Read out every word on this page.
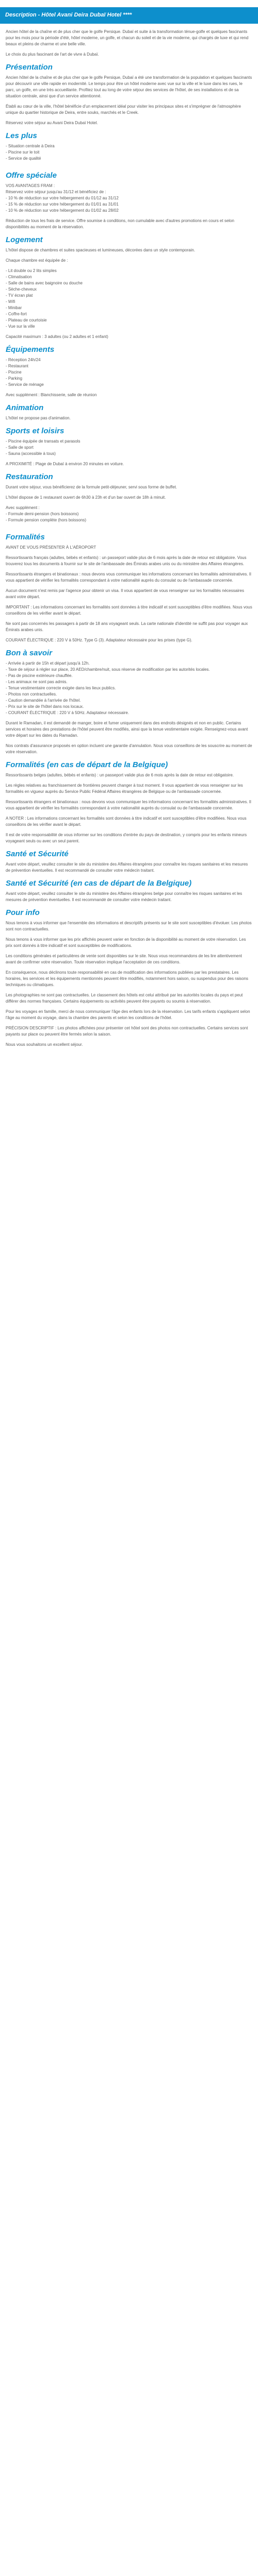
Description - Hôtel Avani Deira Dubaï Hotel ****

Ancien hôtel de la chaîne et de plus cher que le golfe Persique. Dubaï et suite à la transformation ténue-golfe et quelques fascinants pour les mois pour la période d'été, hôtel moderne, un golfe, et chacun du soleil et de la vie moderne, qui chargés de luxe et qui rend beaux et pleins de charme et une belle ville.

Le choix du plus fascinant de l'art de vivre à Dubaï.

Présentation

Ancien hôtel de la chaîne et de plus cher que le golfe Persique, Dubaï a été une transformation de la population et quelques fascinants pour découvrir une ville rapide en modernité. Le temps pour être un hôtel moderne avec vue sur la ville et le luxe dans les rues, le parc, un golfe, en une très accueillante. Profitez tout au long de votre séjour des services de l'hôtel, de ses installations et de sa situation centrale, ainsi que d'un service attentionné.

Établi au cœur de la ville, l'hôtel bénéficie d'un emplacement idéal pour visiter les principaux sites et s'imprégner de l'atmosphère unique du quartier historique de Deira, entre souks, marchés et le Creek.

Réservez votre séjour au Avani Deira Dubaï Hotel.

Les plus
- Situation centrale à Deira
- Piscine sur le toit
- Service de qualité
Offre spéciale
VOS AVANTAGES FRAM :
Réservez votre séjour jusqu'au 31/12 et bénéficiez de :
- 10 % de réduction sur votre hébergement du 01/12 au 31/12
- 15 % de réduction sur votre hébergement du 01/01 au 31/01
- 10 % de réduction sur votre hébergement du 01/02 au 28/02

Réduction de tous les frais de service. Offre soumise à conditions, non cumulable avec d'autres promotions en cours et selon disponibilités au moment de la réservation.

Logement

L'hôtel dispose de chambres et suites spacieuses et lumineuses, décorées dans un style contemporain.

Chaque chambre est équipée de :

- Lit double ou 2 lits simples
- Climatisation
- Salle de bains avec baignoire ou douche
- Sèche-cheveux
- TV écran plat
- Wifi
- Minibar
- Coffre-fort
- Plateau de courtoisie
- Vue sur la ville

Capacité maximum : 3 adultes (ou 2 adultes et 1 enfant)

Équipements
- Réception 24h/24
- Restaurant
- Piscine
- Parking
- Service de ménage

Avec supplément : Blanchisserie, salle de réunion

Animation

L'hôtel ne propose pas d'animation.

Sports et loisirs
- Piscine équipée de transats et parasols
- Salle de sport
- Sauna (accessible à tous)

A PROXIMITÉ : Plage de Dubaï à environ 20 minutes en voiture.

Restauration

Durant votre séjour, vous bénéficierez de la formule petit-déjeuner, servi sous forme de buffet.

L'hôtel dispose de 1 restaurant ouvert de 6h30 à 23h et d'un bar ouvert de 18h à minuit.

Avec supplément :
- Formule demi-pension (hors boissons)
- Formule pension complète (hors boissons)
Formalités

AVANT DE VOUS PRÉSENTER À L'AÉROPORT

Ressortissants français (adultes, bébés et enfants) : un passeport valide plus de 6 mois après la date de retour est obligatoire. Vous trouverez tous les documents à fournir sur le site de l'ambassade des Émirats arabes unis ou du ministère des Affaires étrangères.

Ressortissants étrangers et binationaux : nous devons vous communiquer les informations concernant les formalités administratives. Il vous appartient de vérifier les formalités correspondant à votre nationalité auprès du consulat ou de l'ambassade concernée.

Aucun document n'est remis par l'agence pour obtenir un visa. Il vous appartient de vous renseigner sur les formalités nécessaires avant votre départ.

IMPORTANT : Les informations concernant les formalités sont données à titre indicatif et sont susceptibles d'être modifiées. Nous vous conseillons de les vérifier avant le départ.

Ne sont pas concernés les passagers à partir de 18 ans voyageant seuls. La carte nationale d'identité ne suffit pas pour voyager aux Émirats arabes unis.

COURANT ÉLECTRIQUE : 220 V à 50Hz. Type G (3). Adaptateur nécessaire pour les prises (type G).

Bon à savoir
- Arrivée à partir de 15h et départ jusqu'à 12h.
- Taxe de séjour à régler sur place, 20 AED/chambre/nuit, sous réserve de modification par les autorités locales.
- Pas de piscine extérieure chauffée.
- Les animaux ne sont pas admis.
- Tenue vestimentaire correcte exigée dans les lieux publics.
- Photos non contractuelles.
- Caution demandée à l'arrivée de l'hôtel.
- Prix sur le site de l'hôtel dans nos locaux.
- COURANT ÉLECTRIQUE : 220 V à 50Hz. Adaptateur nécessaire.

Durant le Ramadan, il est demandé de manger, boire et fumer uniquement dans des endroits désignés et non en public. Certains services et horaires des prestations de l'hôtel peuvent être modifiés, ainsi que la tenue vestimentaire exigée. Renseignez-vous avant votre départ sur les dates du Ramadan.

Nos contrats d'assurance proposés en option incluent une garantie d'annulation. Nous vous conseillons de les souscrire au moment de votre réservation.

Formalités (en cas de départ de la Belgique)

Ressortissants belges (adultes, bébés et enfants) : un passeport valide plus de 6 mois après la date de retour est obligatoire.

Les règles relatives au franchissement de frontières peuvent changer à tout moment. Il vous appartient de vous renseigner sur les formalités en vigueur auprès du Service Public Fédéral Affaires étrangères de Belgique ou de l'ambassade concernée.

Ressortissants étrangers et binationaux : nous devons vous communiquer les informations concernant les formalités administratives. Il vous appartient de vérifier les formalités correspondant à votre nationalité auprès du consulat ou de l'ambassade concernée.

A NOTER : Les informations concernant les formalités sont données à titre indicatif et sont susceptibles d'être modifiées. Nous vous conseillons de les vérifier avant le départ.

Il est de votre responsabilité de vous informer sur les conditions d'entrée du pays de destination, y compris pour les enfants mineurs voyageant seuls ou avec un seul parent.

Santé et Sécurité

Avant votre départ, veuillez consulter le site du ministère des Affaires étrangères pour connaître les risques sanitaires et les mesures de prévention éventuelles. Il est recommandé de consulter votre médecin traitant.

Santé et Sécurité (en cas de départ de la Belgique)

Avant votre départ, veuillez consulter le site du ministère des Affaires étrangères belge pour connaître les risques sanitaires et les mesures de prévention éventuelles. Il est recommandé de consulter votre médecin traitant.

Pour info

Nous tenons à vous informer que l'ensemble des informations et descriptifs présents sur le site sont susceptibles d'évoluer. Les photos sont non contractuelles.

Nous tenons à vous informer que les prix affichés peuvent varier en fonction de la disponibilité au moment de votre réservation. Les prix sont donnés à titre indicatif et sont susceptibles de modifications.

Les conditions générales et particulières de vente sont disponibles sur le site. Nous vous recommandons de les lire attentivement avant de confirmer votre réservation. Toute réservation implique l'acceptation de ces conditions.

En conséquence, nous déclinons toute responsabilité en cas de modification des informations publiées par les prestataires. Les horaires, les services et les équipements mentionnés peuvent être modifiés, notamment hors saison, ou suspendus pour des raisons techniques ou climatiques.

Les photographies ne sont pas contractuelles. Le classement des hôtels est celui attribué par les autorités locales du pays et peut différer des normes françaises. Certains équipements ou activités peuvent être payants ou soumis à réservation.

Pour les voyages en famille, merci de nous communiquer l'âge des enfants lors de la réservation. Les tarifs enfants s'appliquent selon l'âge au moment du voyage, dans la chambre des parents et selon les conditions de l'hôtel.

PRÉCISION DESCRIPTIF : Les photos affichées pour présenter cet hôtel sont des photos non contractuelles. Certains services sont payants sur place ou peuvent être fermés selon la saison.

Nous vous souhaitons un excellent séjour.
